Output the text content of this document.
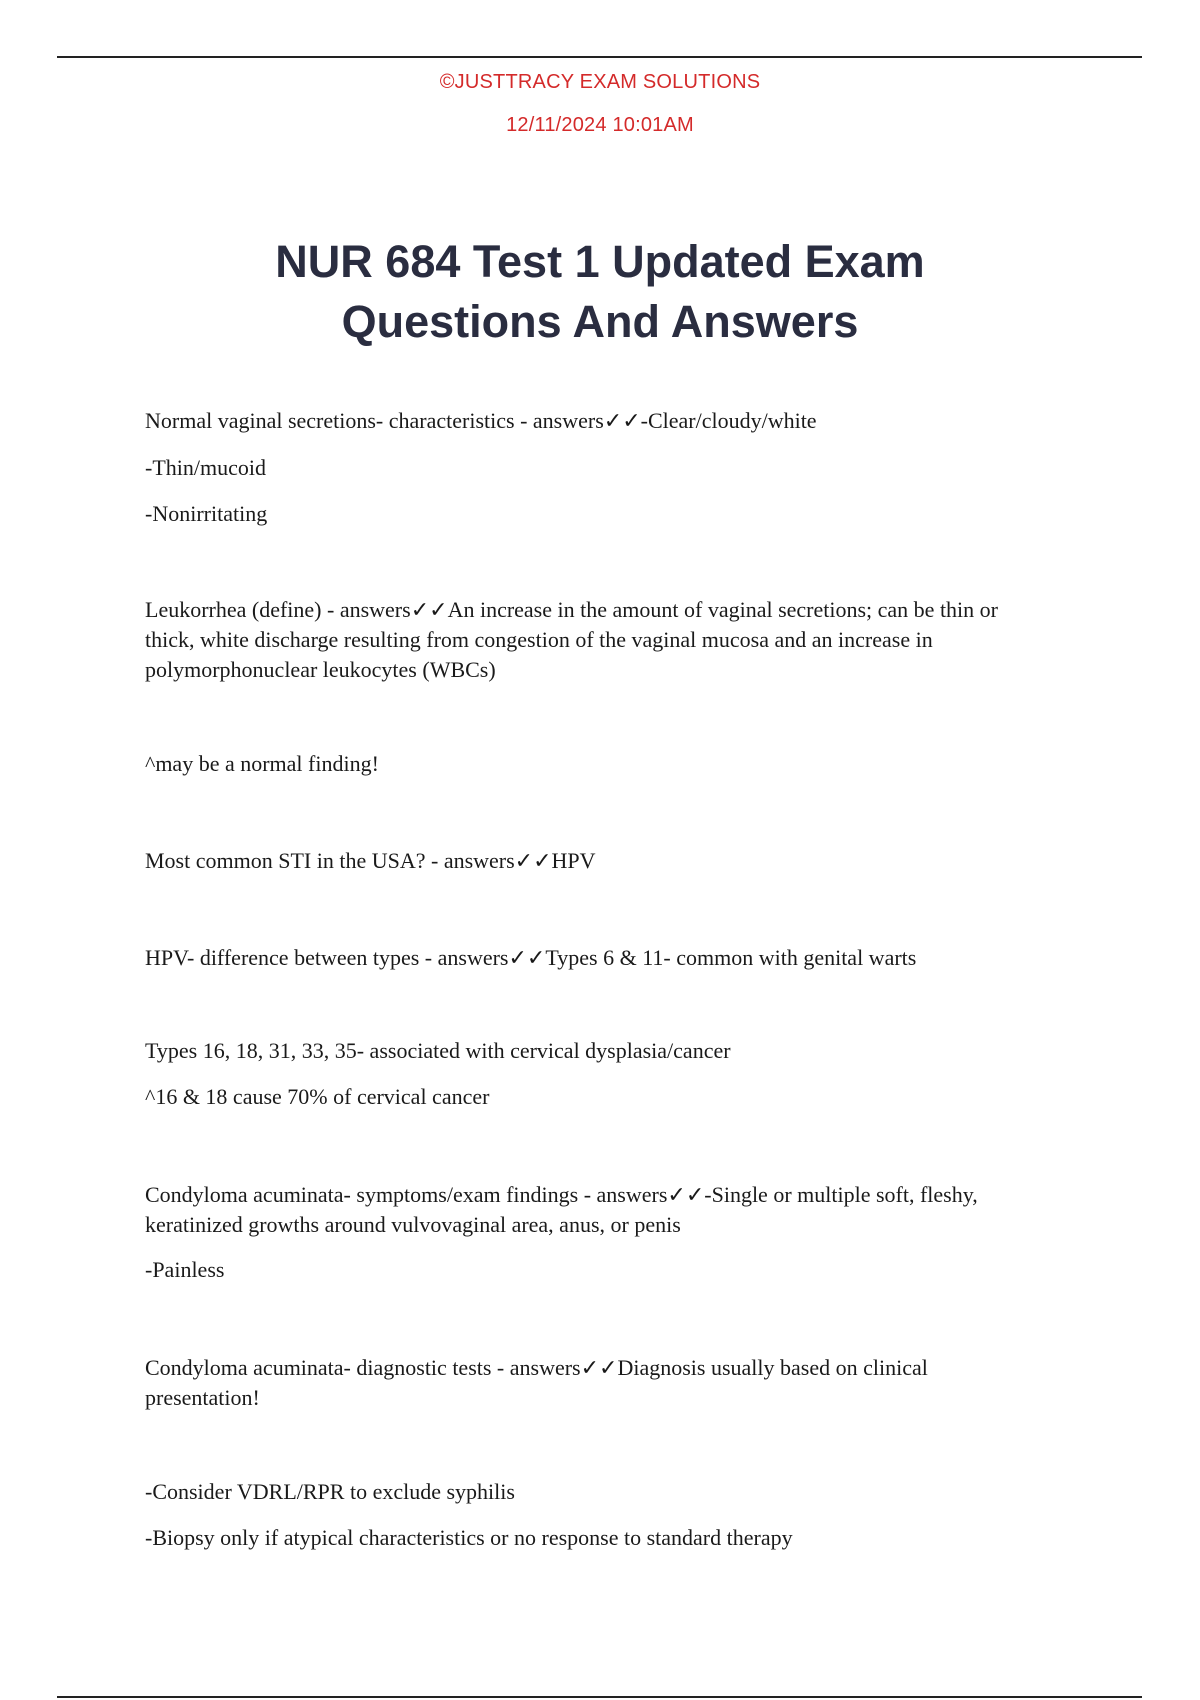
©JUSTTRACY EXAM SOLUTIONS
12/11/2024 10:01AM
NUR 684 Test 1 Updated Exam
Questions And Answers

Normal vaginal secretions- characteristics - answers✓✓-Clear/cloudy/white

-Thin/mucoid

-Nonirritating

Leukorrhea (define) - answers✓✓An increase in the amount of vaginal secretions; can be thin or thick, white discharge resulting from congestion of the vaginal mucosa and an increase in polymorphonuclear leukocytes (WBCs)

^may be a normal finding!

Most common STI in the USA? - answers✓✓HPV

HPV- difference between types - answers✓✓Types 6 & 11- common with genital warts

Types 16, 18, 31, 33, 35- associated with cervical dysplasia/cancer

^16 & 18 cause 70% of cervical cancer

Condyloma acuminata- symptoms/exam findings - answers✓✓-Single or multiple soft, fleshy, keratinized growths around vulvovaginal area, anus, or penis

-Painless

Condyloma acuminata- diagnostic tests - answers✓✓Diagnosis usually based on clinical presentation!

-Consider VDRL/RPR to exclude syphilis

-Biopsy only if atypical characteristics or no response to standard therapy
